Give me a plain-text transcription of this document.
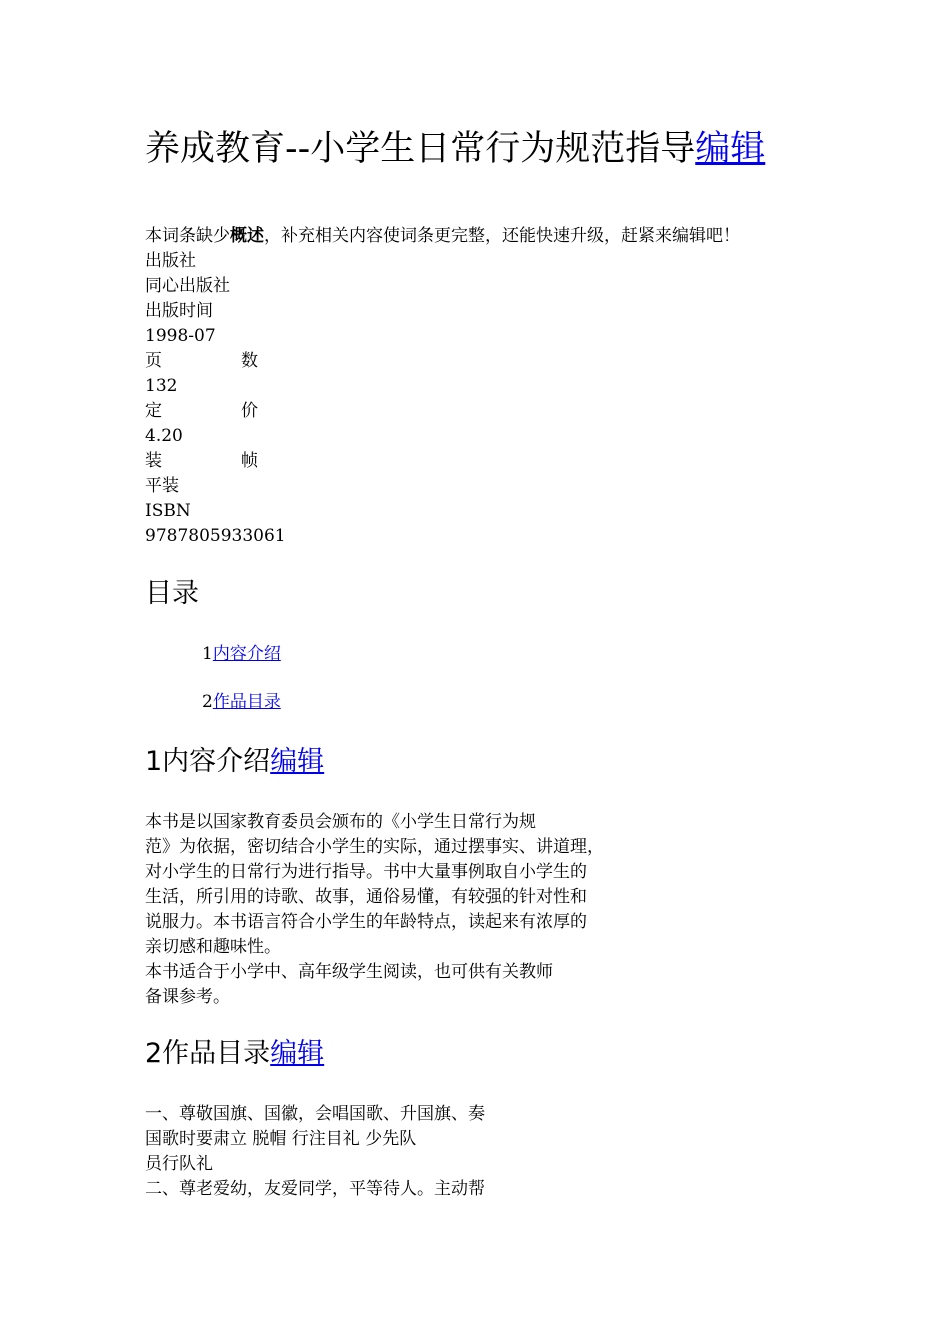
养成教育--小学生日常行为规范指导编辑
本词条缺少概述，补充相关内容使词条更完整，还能快速升级，赶紧来编辑吧！
出版社
同心出版社
出版时间
1998-07
页数
132
定价
4.20
装帧
平装
ISBN
9787805933061
目录
1内容介绍
2作品目录
1内容介绍编辑
本书是以国家教育委员会颁布的《小学生日常行为规
范》为依据，密切结合小学生的实际，通过摆事实、讲道理，
对小学生的日常行为进行指导。书中大量事例取自小学生的
生活，所引用的诗歌、故事，通俗易懂，有较强的针对性和
说服力。本书语言符合小学生的年龄特点，读起来有浓厚的
亲切感和趣味性。
本书适合于小学中、高年级学生阅读，也可供有关教师
备课参考。
2作品目录编辑
一、尊敬国旗、国徽，会唱国歌、升国旗、奏
国歌时要肃立 脱帽 行注目礼 少先队
员行队礼
二、尊老爱幼，友爱同学，平等待人。主动帮
